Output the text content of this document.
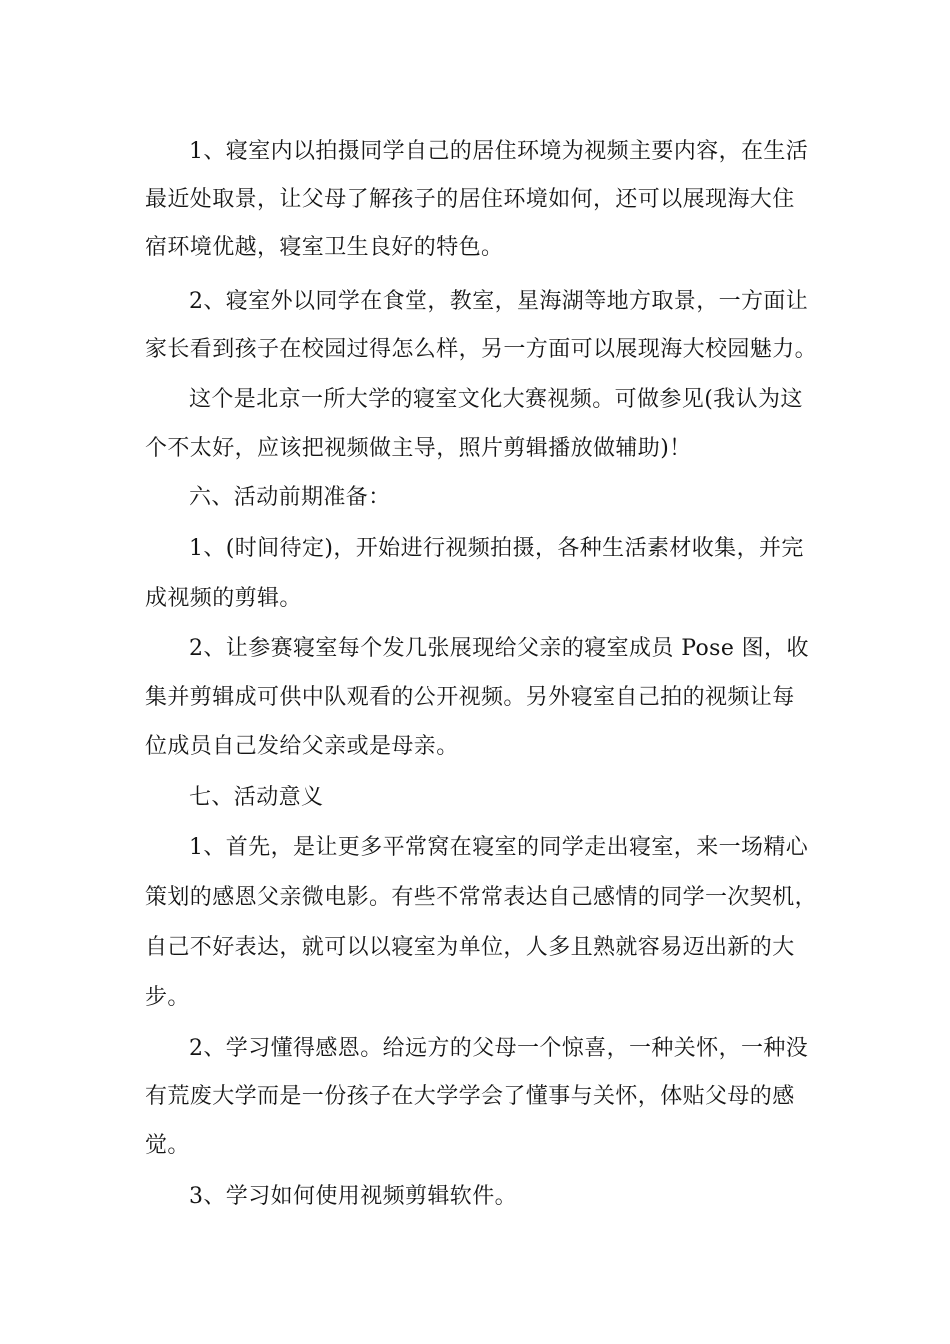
1、寝室内以拍摄同学自己的居住环境为视频主要内容，在生活
最近处取景，让父母了解孩子的居住环境如何，还可以展现海大住
宿环境优越，寝室卫生良好的特色。
2、寝室外以同学在食堂，教室，星海湖等地方取景，一方面让
家长看到孩子在校园过得怎么样，另一方面可以展现海大校园魅力。
这个是北京一所大学的寝室文化大赛视频。可做参见(我认为这
个不太好，应该把视频做主导，照片剪辑播放做辅助)！
六、活动前期准备：
1、(时间待定)，开始进行视频拍摄，各种生活素材收集，并完
成视频的剪辑。
2、让参赛寝室每个发几张展现给父亲的寝室成员 Pose 图，收
集并剪辑成可供中队观看的公开视频。另外寝室自己拍的视频让每
位成员自己发给父亲或是母亲。
七、活动意义
1、首先，是让更多平常窝在寝室的同学走出寝室，来一场精心
策划的感恩父亲微电影。有些不常常表达自己感情的同学一次契机，
自己不好表达，就可以以寝室为单位，人多且熟就容易迈出新的大
步。
2、学习懂得感恩。给远方的父母一个惊喜，一种关怀，一种没
有荒废大学而是一份孩子在大学学会了懂事与关怀，体贴父母的感
觉。
3、学习如何使用视频剪辑软件。
